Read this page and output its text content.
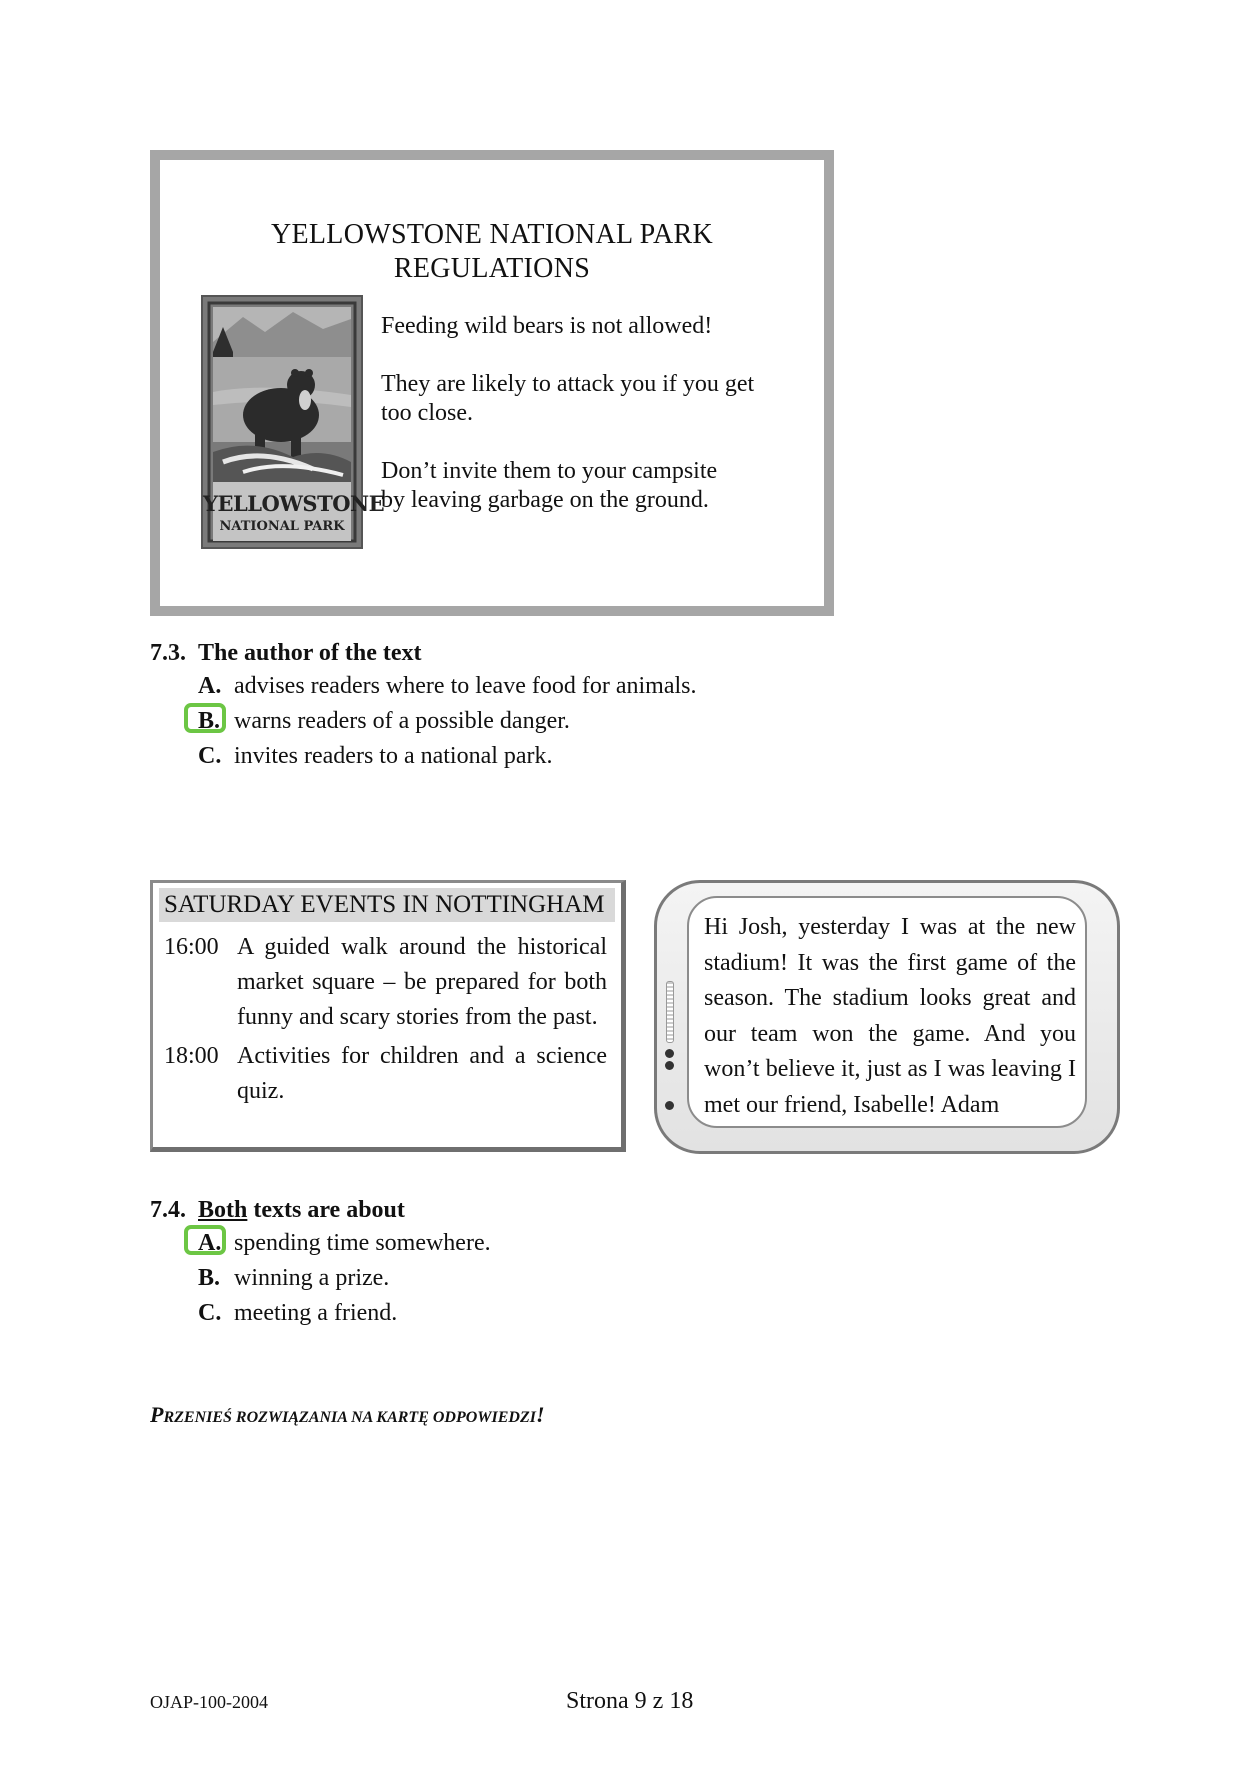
YELLOWSTONE NATIONAL PARK
REGULATIONS
YELLOWSTONE
NATIONAL PARK

Feeding wild bears is not allowed!

They are likely to attack you if you get too close.

Don’t invite them to your campsite by leaving garbage on the ground.

7.3. The author of the text
A. advises readers where to leave food for animals.
B. warns readers of a possible danger.
C. invites readers to a national park.
SATURDAY EVENTS IN NOTTINGHAM
16:00 A guided walk around the historical market square – be prepared for both funny and scary stories from the past.
18:00 Activities for children and a science quiz.
Hi Josh, yesterday I was at the new stadium! It was the first game of the season. The stadium looks great and our team won the game. And you won’t believe it, just as I was leaving I met our friend, Isabelle! Adam
7.4. Both texts are about
A. spending time somewhere.
B. winning a prize.
C. meeting a friend.
PRZENIEŚ ROZWIĄZANIA NA KARTĘ ODPOWIEDZI!
OJAP-100-2004	Strona 9 z 18
